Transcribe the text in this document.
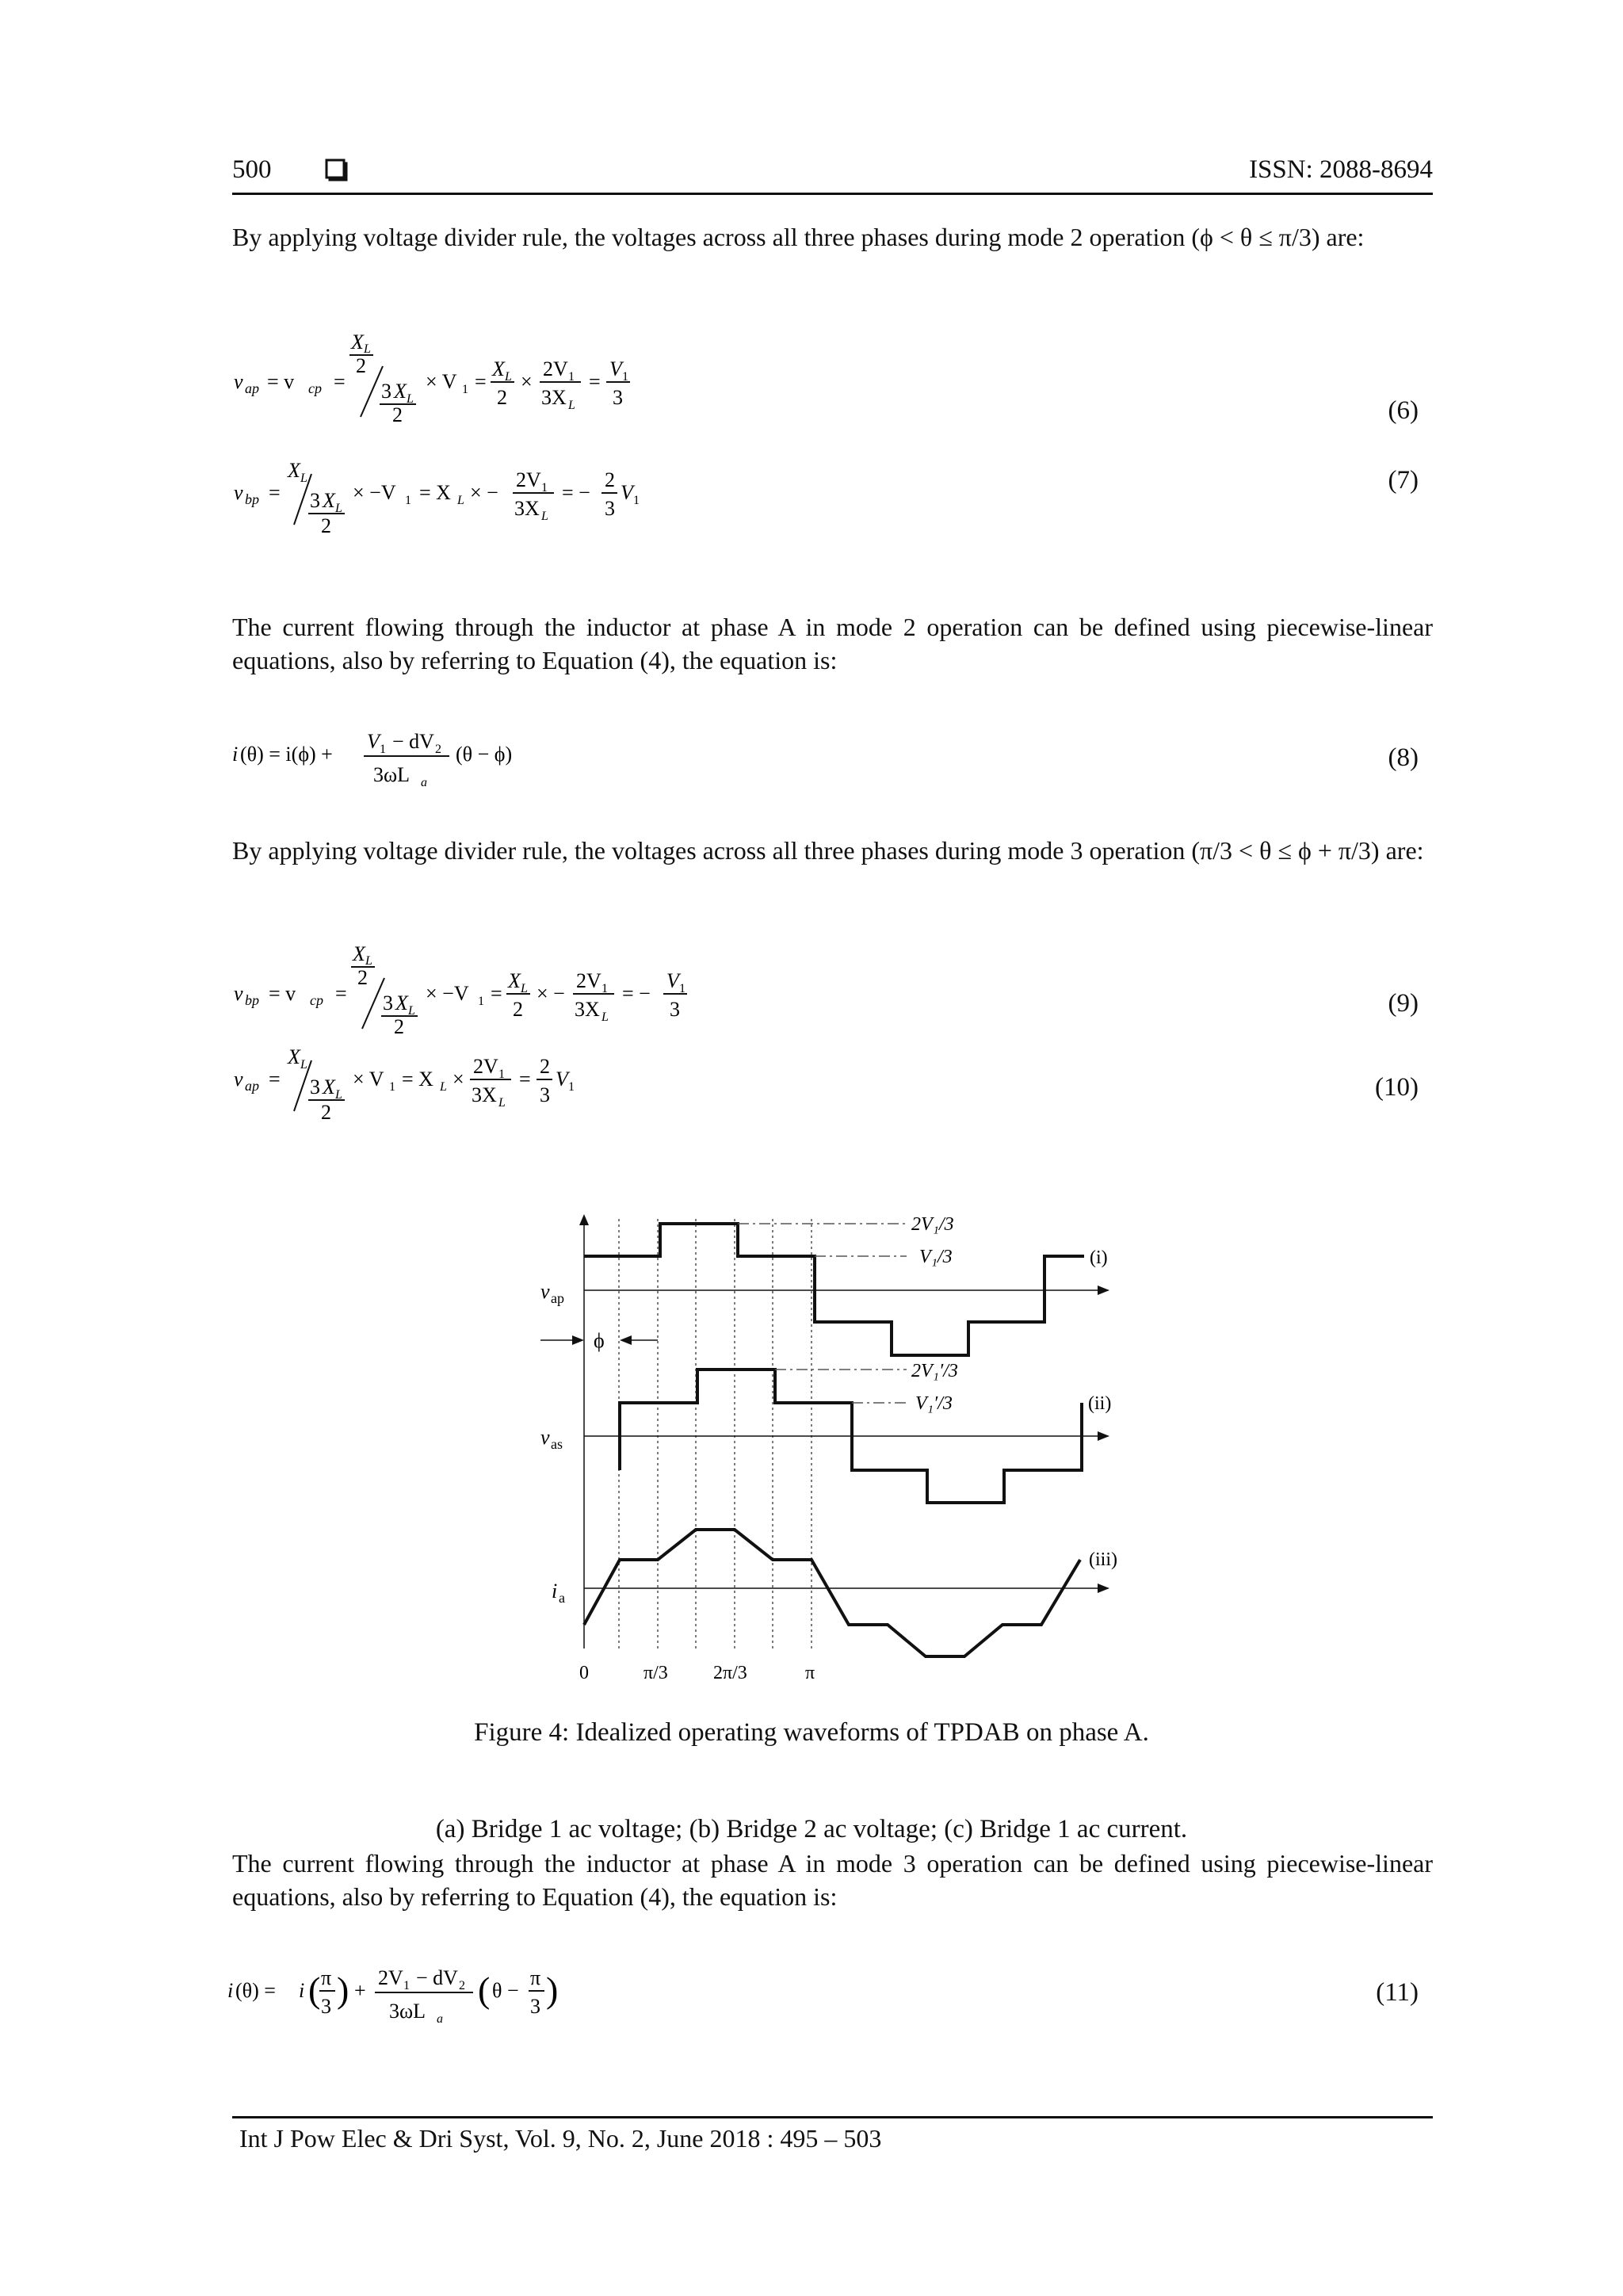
500	ISSN: 2088-8694
By applying voltage divider rule, the voltages across all three phases during mode 2 operation (ϕ < θ ≤ π/3) are:
v ap = v cp =
X L
2
3 X L
2
× V 1 =
X L
2
×
2V 1
3X L
=
V 1
3	(6)
v bp =
X L
3 X L
2
× −V 1 = X L × −
2V 1
3X L
= −
2
3
V 1
(7)
The current flowing through the inductor at phase A in mode 2 operation can be defined using piecewise-linear equations, also by referring to Equation (4), the equation is:
i (θ) = i(ϕ) +
V 1 − dV 2
3ωL a
(θ − ϕ)	(8)
By applying voltage divider rule, the voltages across all three phases during mode 3 operation (π/3 < θ ≤ ϕ + π/3) are:
v bp = v cp =
X L
2
3 X L
2
× −V 1 =
X L
2
× −
2V 1
3X L
= −
V 1
3	(9)
v ap =
X L
3 X L
2
× V 1 = X L ×
2V 1
3X L
=
2
3
V 1	(10)
2V₁/3
V₁/3	(i)
v ap
ϕ
2V₁′/3
V₁′/3	(ii)
v as
(iii)
i a
0	π/3 2π/3	π
Figure 4: Idealized operating waveforms of TPDAB on phase A.
(a) Bridge 1 ac voltage; (b) Bridge 2 ac voltage; (c) Bridge 1 ac current.
The current flowing through the inductor at phase A in mode 3 operation can be defined using piecewise-linear equations, also by referring to Equation (4), the equation is:
i (θ) = i ( π
3 ) +
2V 1 − dV 2
3ωL a
( θ −
π
3 )	(11)
Int J Pow Elec & Dri Syst, Vol. 9, No. 2, June 2018 : 495 – 503
